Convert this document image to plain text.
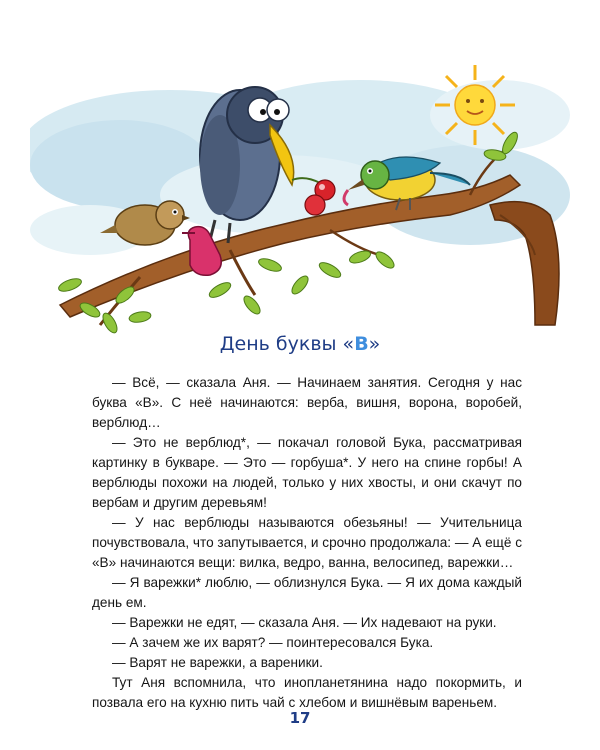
День буквы «В»

— Всё, — сказала Аня. — Начинаем занятия. Сегодня у нас буква «В». С неё начинаются: верба, вишня, ворона, воробей, верблюд…

— Это не верблюд*, — покачал головой Бука, рассматривая картинку в букваре. — Это — горбуша*. У него на спине горбы! А верблюды похожи на людей, только у них хвосты, и они скачут по вербам и другим деревьям!

— У нас верблюды называются обезьяны! — Учительница почувствовала, что запутывается, и срочно продолжала: — А ещё с «В» начинаются вещи: вилка, ведро, ванна, велосипед, варежки…

— Я варежки* люблю, — облизнулся Бука. — Я их дома каждый день ем.

— Варежки не едят, — сказала Аня. — Их надевают на руки.

— А зачем же их варят? — поинтересовался Бука.

— Варят не варежки, а вареники.

Тут Аня вспомнила, что инопланетянина надо покормить, и позвала его на кухню пить чай с хлебом и вишнёвым вареньем.

17
